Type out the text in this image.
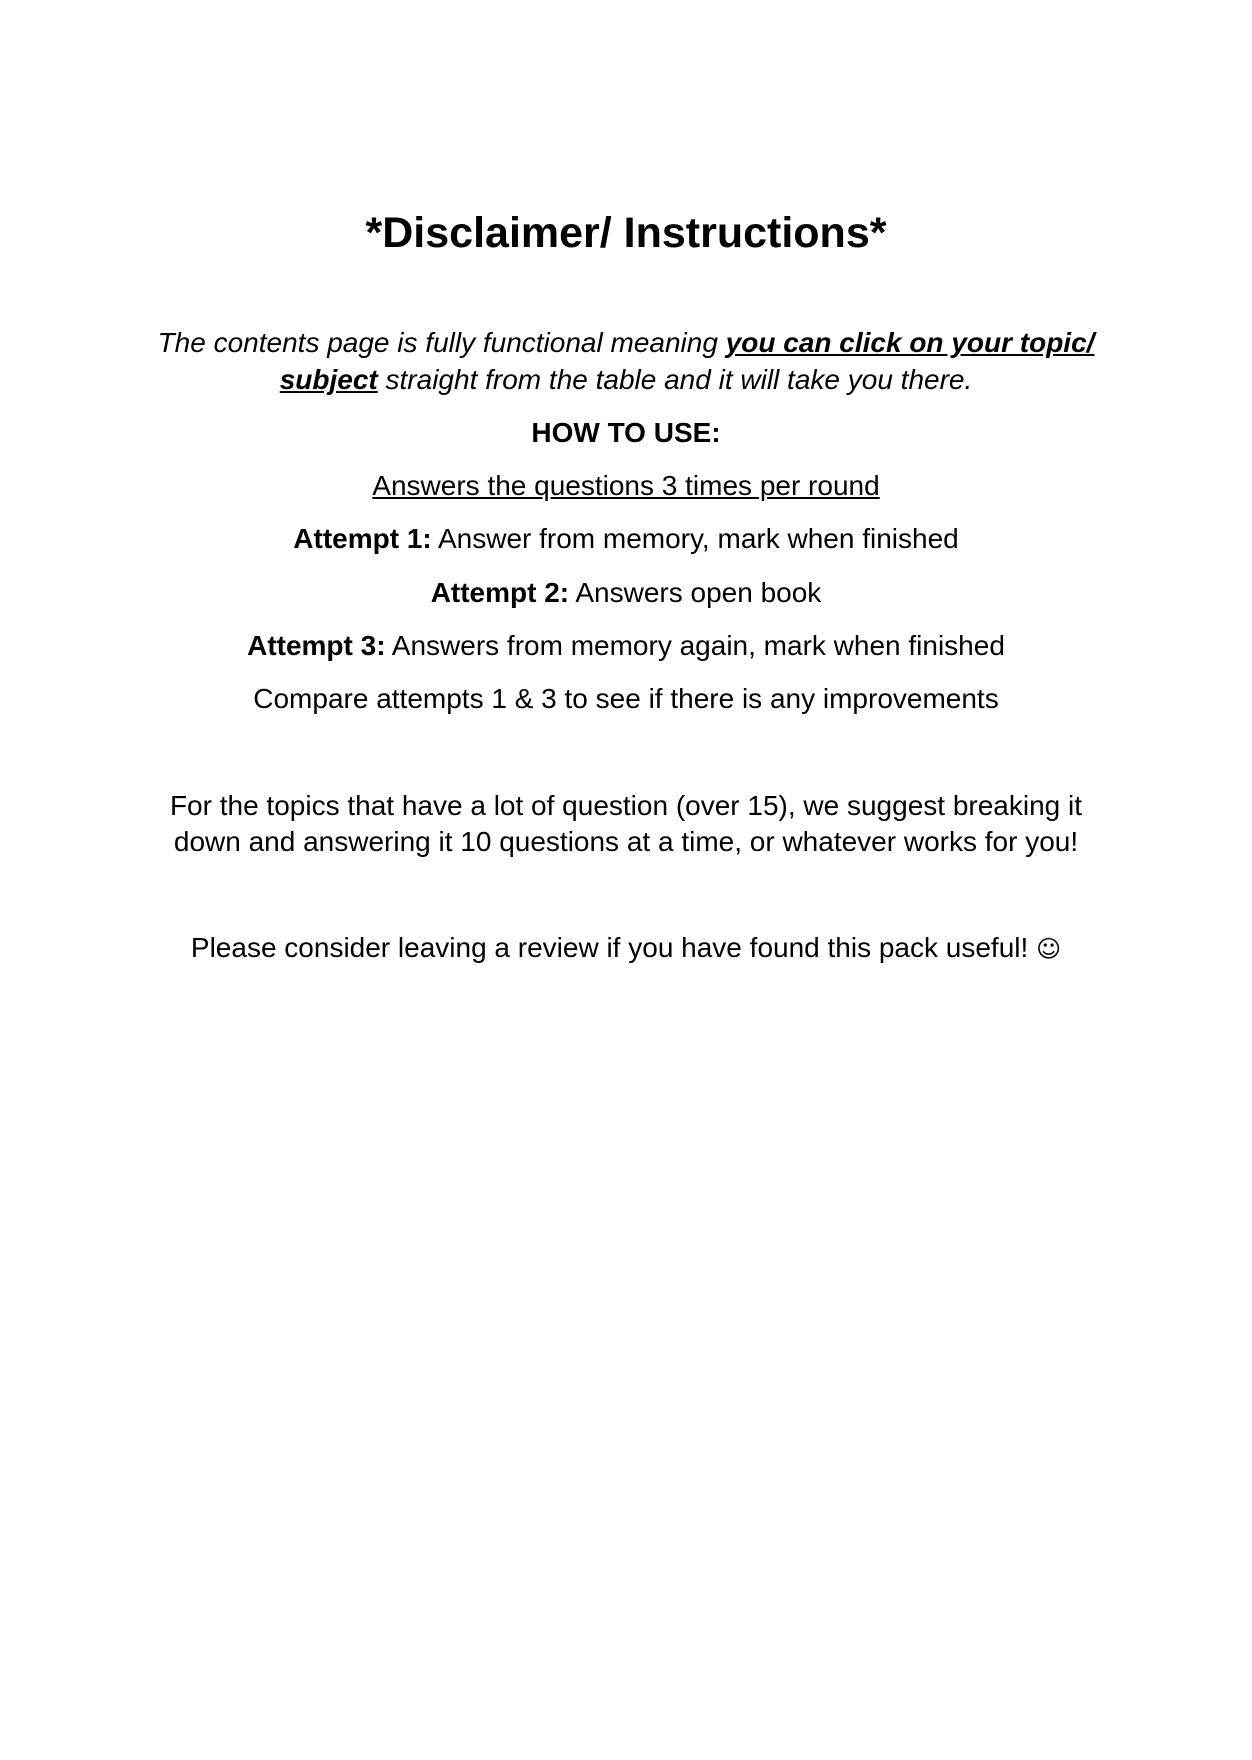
*Disclaimer/ Instructions*
The contents page is fully functional meaning you can click on your topic/ subject straight from the table and it will take you there.
HOW TO USE:
Answers the questions 3 times per round
Attempt 1: Answer from memory, mark when finished
Attempt 2: Answers open book
Attempt 3: Answers from memory again, mark when finished
Compare attempts 1 & 3 to see if there is any improvements
For the topics that have a lot of question (over 15), we suggest breaking it down and answering it 10 questions at a time, or whatever works for you!
Please consider leaving a review if you have found this pack useful! ☺
